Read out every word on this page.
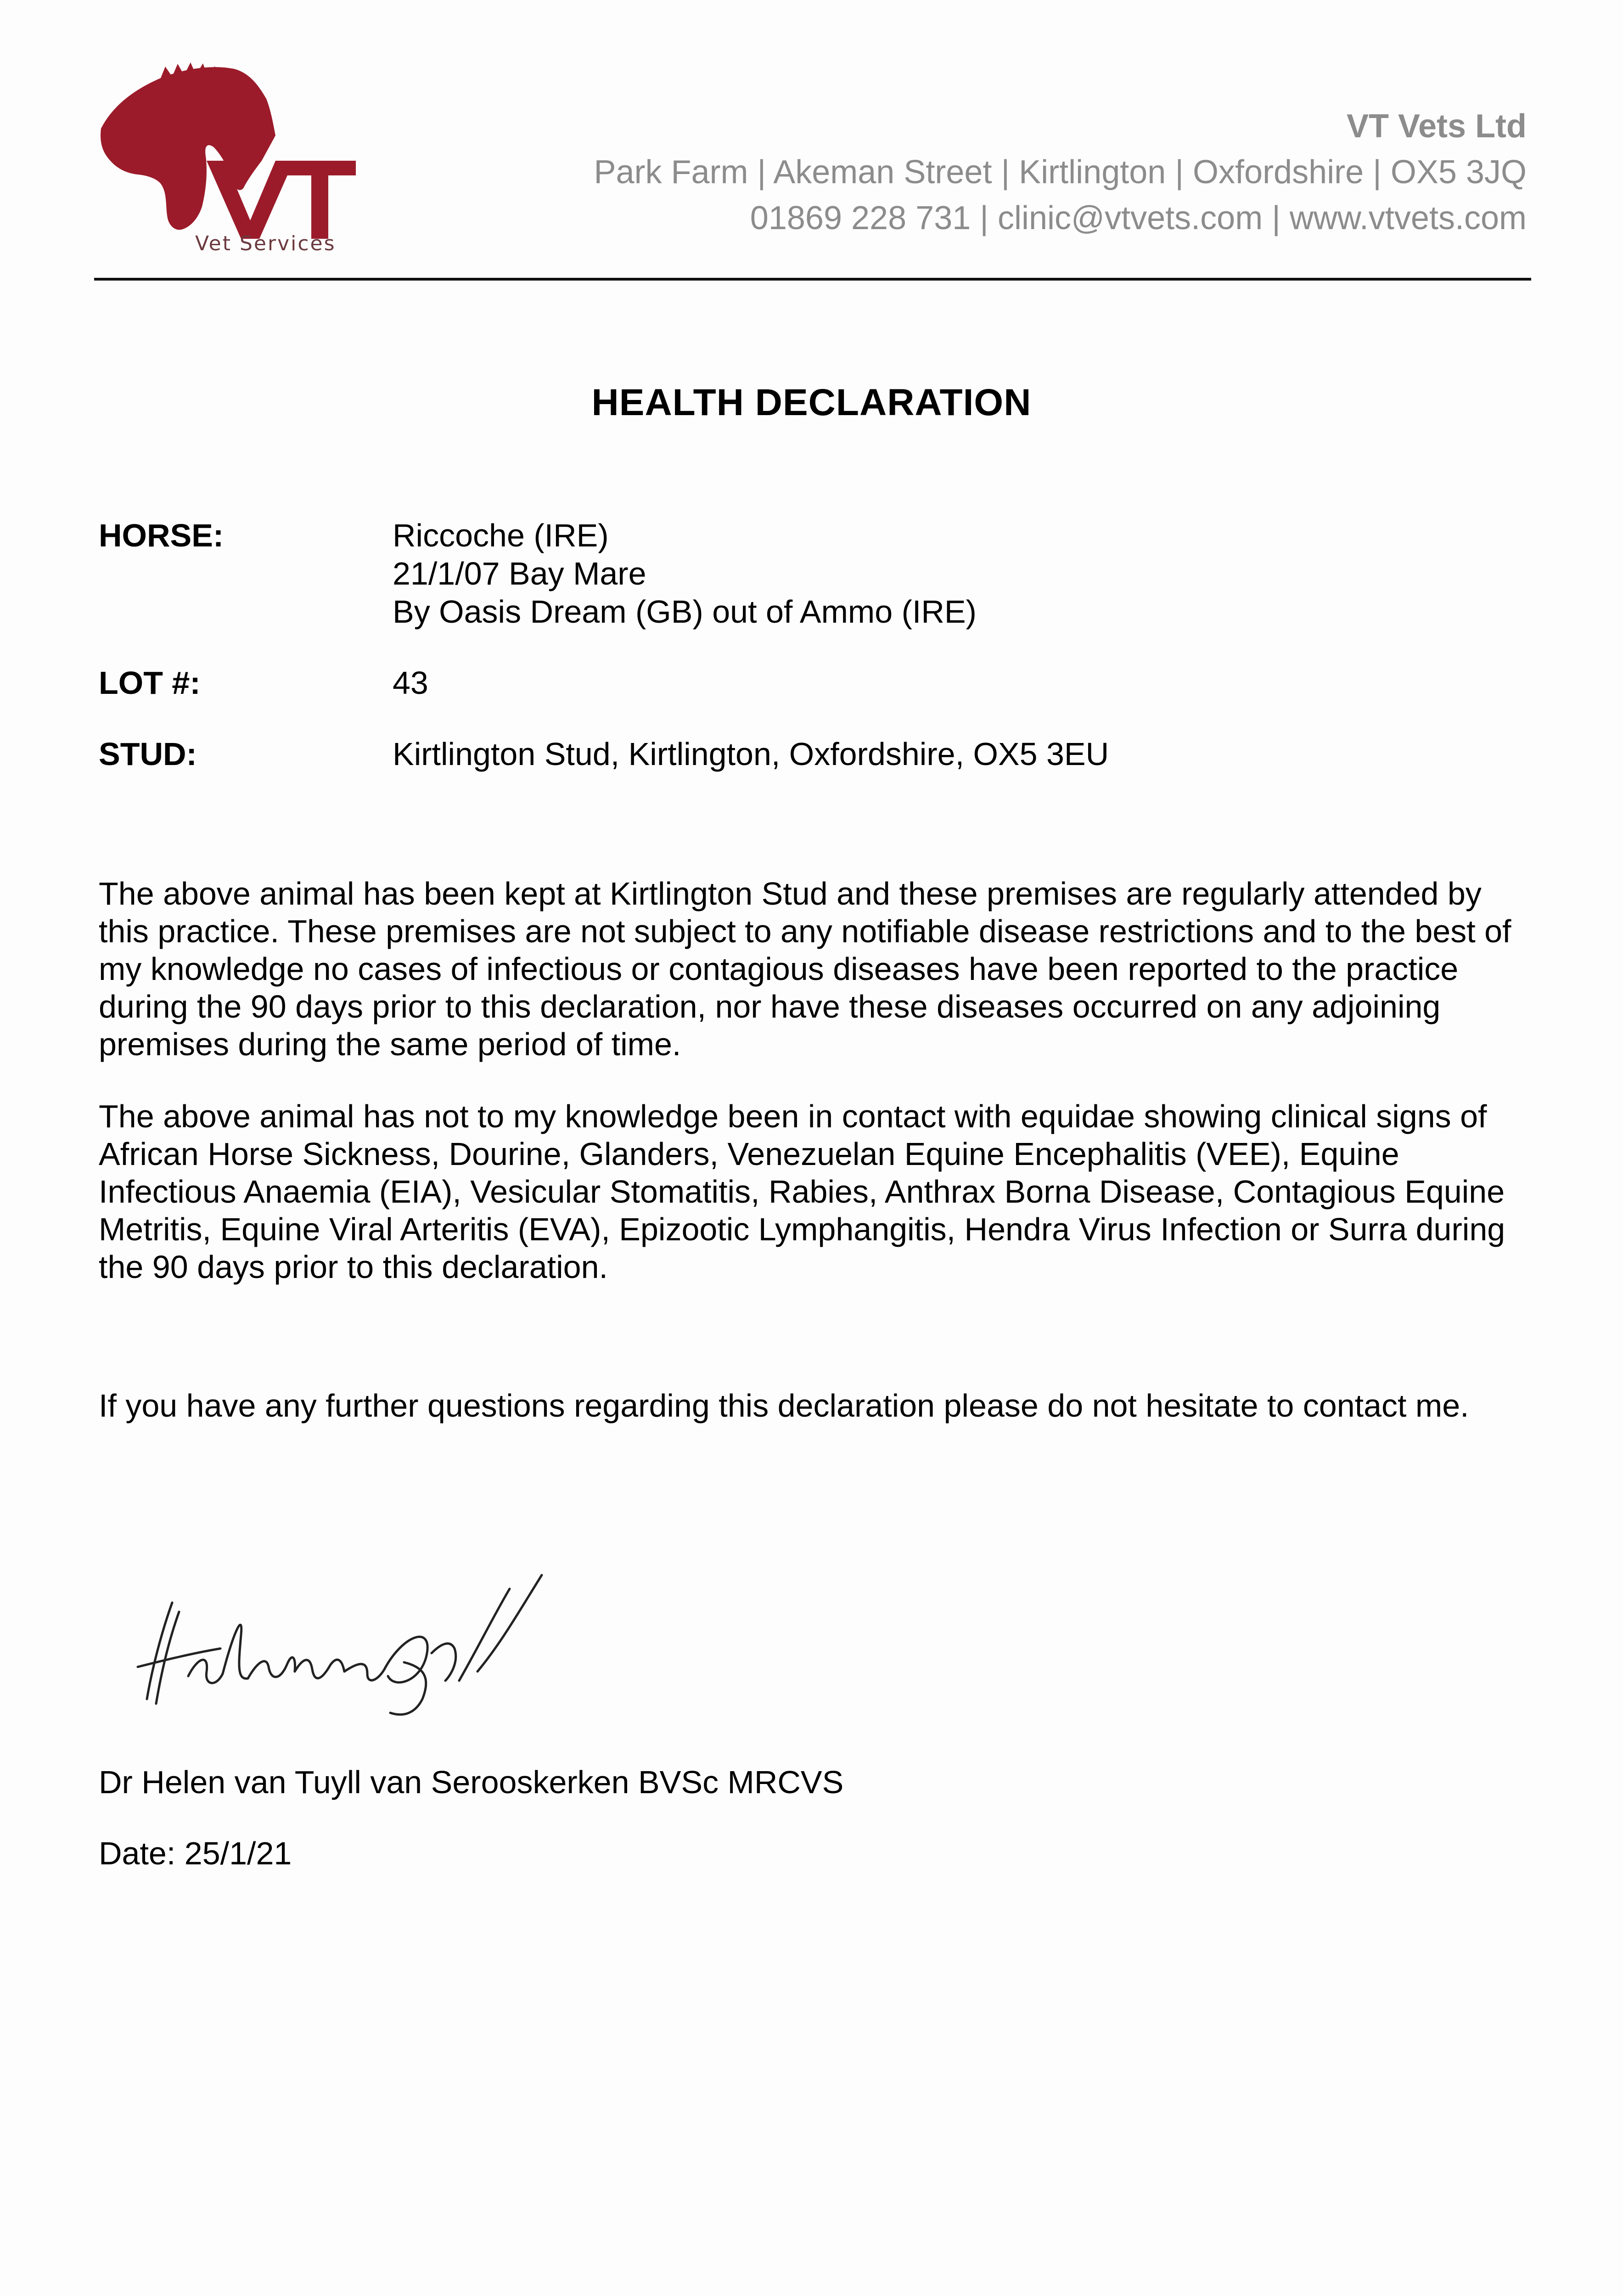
Vet Services
VT Vets Ltd
Park Farm | Akeman Street | Kirtlington | Oxfordshire | OX5 3JQ
01869 228 731 | clinic@vtvets.com | www.vtvets.com
HEALTH DECLARATION
HORSE:	Riccoche (IRE)
21/1/07 Bay Mare
By Oasis Dream (GB) out of Ammo (IRE)
LOT #:	43
STUD:	Kirtlington Stud, Kirtlington, Oxfordshire, OX5 3EU

The above animal has been kept at Kirtlington Stud and these premises are regularly attended by this practice. These premises are not subject to any notifiable disease restrictions and to the best of my knowledge no cases of infectious or contagious diseases have been reported to the practice during the 90 days prior to this declaration, nor have these diseases occurred on any adjoining premises during the same period of time.

The above animal has not to my knowledge been in contact with equidae showing clinical signs of African Horse Sickness, Dourine, Glanders, Venezuelan Equine Encephalitis (VEE), Equine Infectious Anaemia (EIA), Vesicular Stomatitis, Rabies, Anthrax Borna Disease, Contagious Equine Metritis, Equine Viral Arteritis (EVA), Epizootic Lymphangitis, Hendra Virus Infection or Surra during the 90 days prior to this declaration.

If you have any further questions regarding this declaration please do not hesitate to contact me.
Dr Helen van Tuyll van Serooskerken BVSc MRCVS
Date: 25/1/21
